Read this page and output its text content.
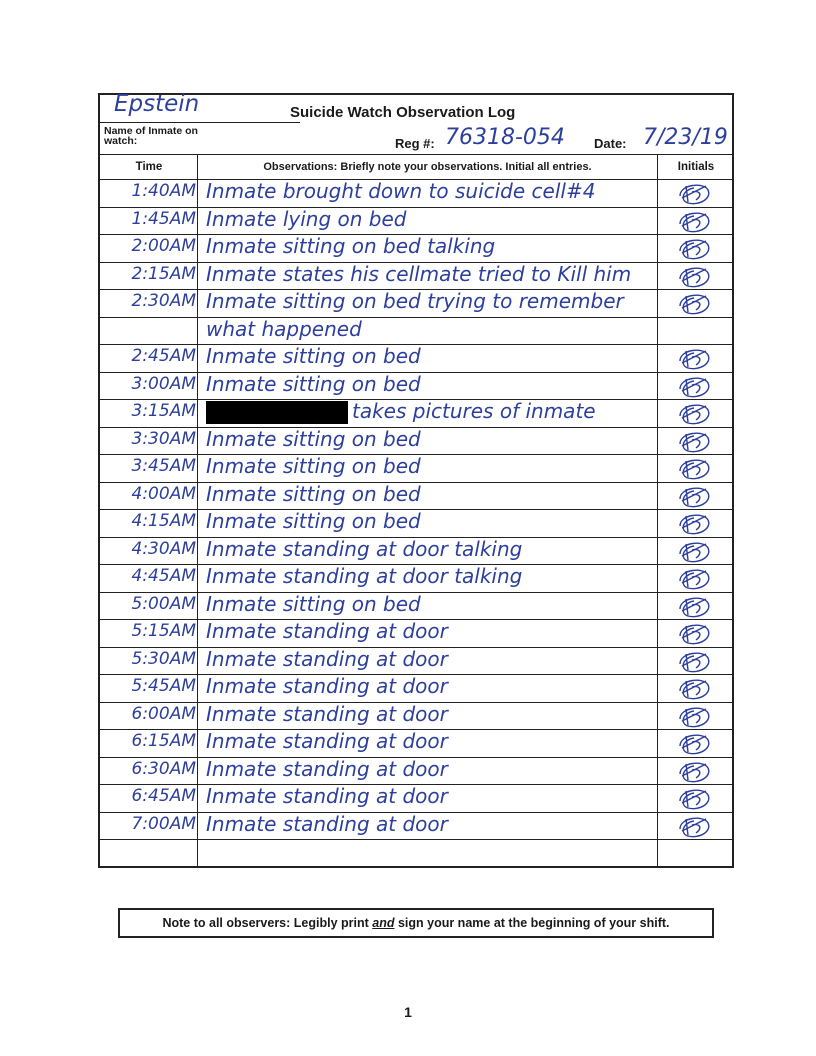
Epstein	Suicide Watch Observation Log
Name of Inmate on watch:	Reg #: 76318-054 Date: 7/23/19
Time	Observations: Briefly note your observations. Initial all entries.	Initials
1:40AM Inmate brought down to suicide cell#4
1:45AM Inmate lying on bed
2:00AM Inmate sitting on bed talking
2:15AM Inmate states his cellmate tried to Kill him
2:30AM Inmate sitting on bed trying to remember
what happened
2:45AM Inmate sitting on bed
3:00AM Inmate sitting on bed
3:15AM	takes pictures of inmate
3:30AM Inmate sitting on bed
3:45AM Inmate sitting on bed
4:00AM Inmate sitting on bed
4:15AM Inmate sitting on bed
4:30AM Inmate standing at door talking
4:45AM Inmate standing at door talking
5:00AM Inmate sitting on bed
5:15AM Inmate standing at door
5:30AM Inmate standing at door
5:45AM Inmate standing at door
6:00AM Inmate standing at door
6:15AM Inmate standing at door
6:30AM Inmate standing at door
6:45AM Inmate standing at door
7:00AM Inmate standing at door
Note to all observers: Legibly print and sign your name at the beginning of your shift.
1
